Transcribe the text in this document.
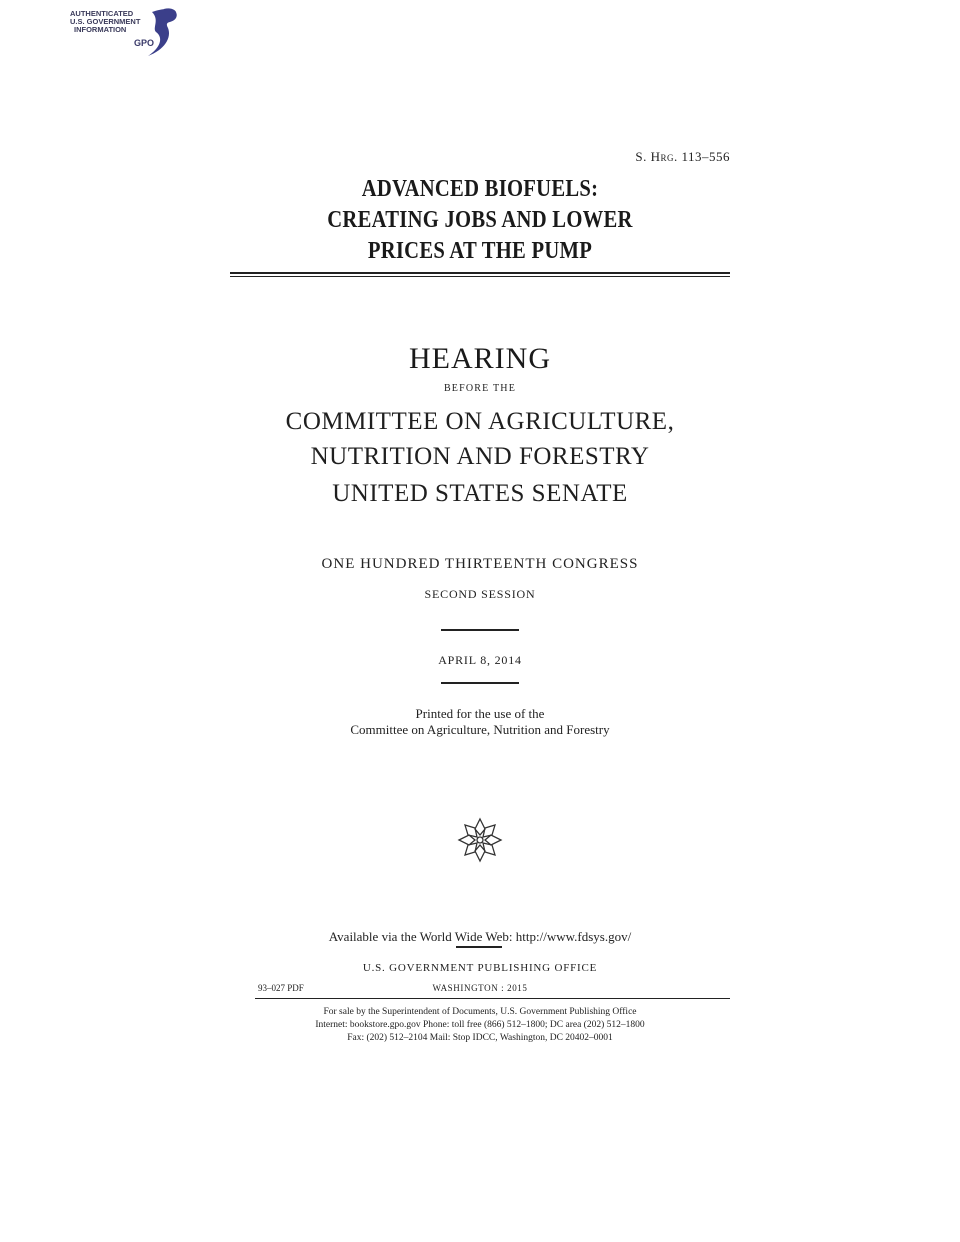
AUTHENTICATED
U.S. GOVERNMENT
INFORMATION
GPO
S. Hrg. 113–556
ADVANCED BIOFUELS:
CREATING JOBS AND LOWER
PRICES AT THE PUMP
HEARING
BEFORE THE
COMMITTEE ON AGRICULTURE,
NUTRITION AND FORESTRY
UNITED STATES SENATE
ONE HUNDRED THIRTEENTH CONGRESS
SECOND SESSION
APRIL 8, 2014
Printed for the use of the
Committee on Agriculture, Nutrition and Forestry
Available via the World Wide Web: http://www.fdsys.gov/
U.S. GOVERNMENT PUBLISHING OFFICE
93–027 PDF	WASHINGTON : 2015
For sale by the Superintendent of Documents, U.S. Government Publishing Office
Internet: bookstore.gpo.gov Phone: toll free (866) 512–1800; DC area (202) 512–1800
Fax: (202) 512–2104 Mail: Stop IDCC, Washington, DC 20402–0001
